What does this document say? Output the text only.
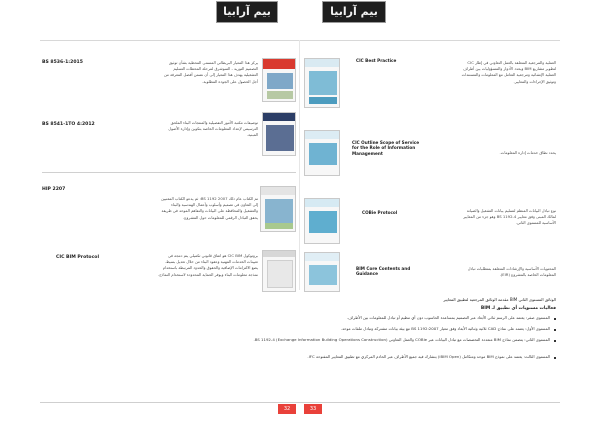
بيم آرابيا	بيم آرابيا
BS 8536-1:2015	يركز هذا المعيار البريطاني المسمى المحظية بشأن توثيق التصميم التوريد - السوشرق لمرحلة المحطات التسليم التشغيلية يهدف هذا المعيار إلى أن نضمن أفضل المعرفة من أجل الحصول على الجودة المطلوبة.
BS 8541-1TO 4:2012	توصيفات مكتبة الأمور التفصيلية والمنتجات البناء الملحق الترسيمي لإعداد المعلومات الخاصة بتكوين وإدارة الأصول المبنية.
HIP 2207
تم الكتاب عام ذلك 2007 BS 1192: ثم يدعو الكتاب المعنيين إلى التعاون في تصميم وأسلوب وأعمال الهندسية والبناء والتشغيل والمحافظة على البيانات والتفاهم الموحد في طريقة يحقق التبادل الرقمي للمعلومات حول المشروع.
CIC BIM Protocol	بروتوكول CIC BIM هو اتفاق قانوني تكميلي يتم دمجه في تعيينات الخدمات المهنية وعقود البناء من خلال تعديل بسيط. يضع الالتزامات الإضافية والحقوق والحدود المرتبطة باستخدام نمذجة معلومات البناء ويوفر الحماية المحدودة لاستخدام النماذج.
CIC Best Practice	العملية والمرجعية المتعلقة بالعمل التعاوني في إطار CIC لتطوير مشاريع BIM ويحدد الأدوار والمسؤوليات بين أطراف العملية الإنشائية ومرجعية التعامل مع المعلومات والمستندات وتوثيق الإجراءات والمعايير.
CIC Outline Scope of Service for the Role of Information Management	يحدد نطاق خدمات إدارة المعلومات.
COBie Protocol	نوع تبادل البيانات المنظم لتسليم بيانات التشغيل والصيانة لمالك المبنى وفق معايير BS 1192-4 وهو جزء من المعايير الأساسية للمستوى الثاني.
BIM Core Contents and Guidance
المحتويات الأساسية والإرشادات المتعلقة بمتطلبات تبادل المعلومات الخاصة بالمشروع (EIR).
الوثائق المستوى الثاني BIM مقدمة الوثائق المرجعية لتطبيق المعايير
فعاليات مستويات أي تطبيق لـ BIM
المستوى صفر: يعتمد على الرسم ثنائي الأبعاد عبر التصميم بمساعدة الحاسوب دون أي تنظيم أو تبادل للمعلومات بين الأطراف.
المستوى الأول: يعتمد على نماذج CAD ثلاثية وثنائية الأبعاد وفق معيار BS 1192:2007 مع بيئة بيانات مشتركة وتبادل ملفات موحد.
المستوى الثاني: يتضمن نماذج BIM متعددة التخصصات مع تبادل البيانات عبر COBie والعمل التعاوني (Exchange Information Building Operations Construction) BS 1192-4.
المستوى الثالث: يعتمد على نموذج BIM موحد ومتكامل (iBIM Open) يتشارك فيه جميع الأطراف عبر الخادم المركزي مع تطبيق المعايير المفتوحة IFC.
32	33
